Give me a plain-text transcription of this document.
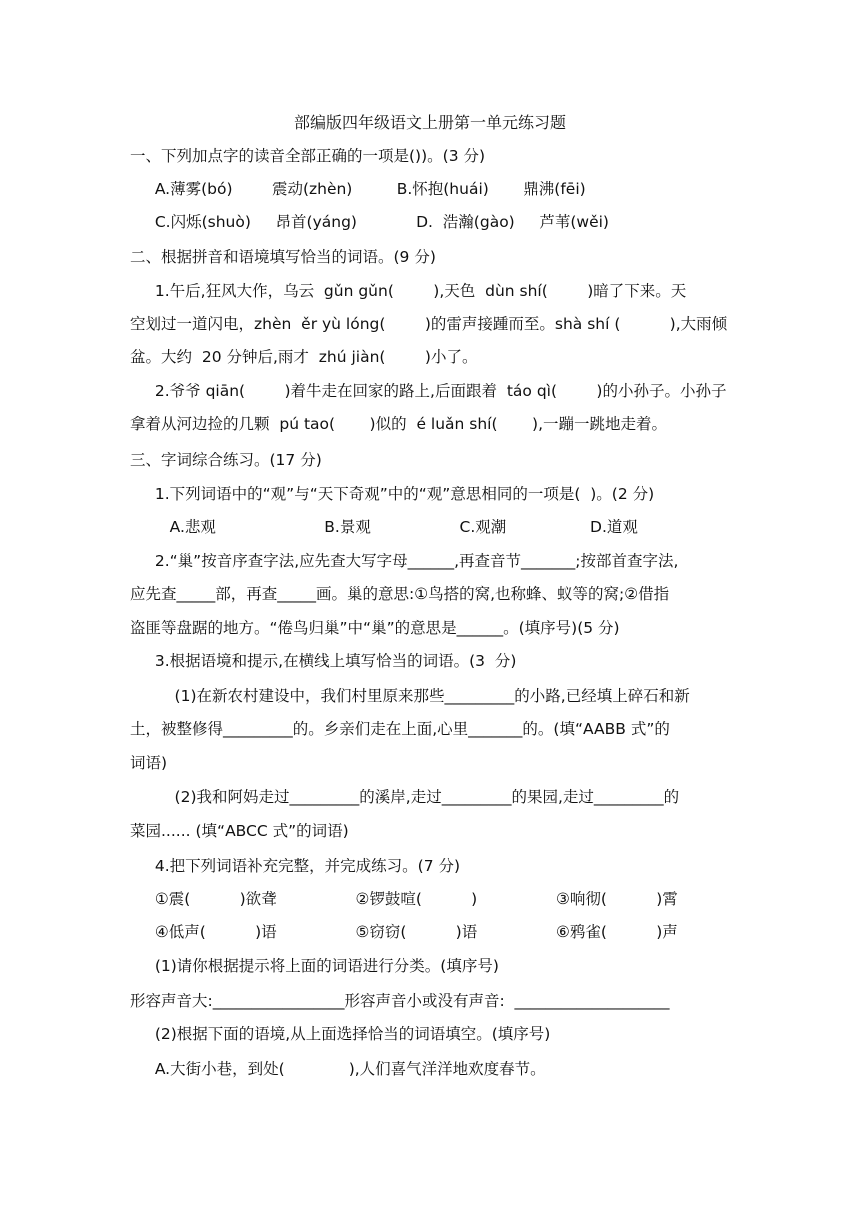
部编版四年级语文上册第一单元练习题
一、下列加点字的读音全部正确的一项是())。(3 分)
A.薄雾(bó)        震动(zhèn)         B.怀抱(huái)       鼎沸(fēi)
C.闪烁(shuò)     昂首(yáng)            D.  浩瀚(gào)     芦苇(wěi)
二、根据拼音和语境填写恰当的词语。(9 分)
1.午后,狂风大作，乌云  gǔn gǔn(        ),天色  dùn shí(        )暗了下来。天
空划过一道闪电，zhèn  ěr yù lóng(        )的雷声接踵而至。shà shí (          ),大雨倾
盆。大约  20 分钟后,雨才  zhú jiàn(        )小了。
2.爷爷 qiān(        )着牛走在回家的路上,后面跟着  táo qì(        )的小孙子。小孙子
拿着从河边捡的几颗  pú tao(       )似的  é luǎn shí(       ),一蹦一跳地走着。
三、字词综合练习。(17 分)
1.下列词语中的“观”与“天下奇观”中的“观”意思相同的一项是(  )。(2 分)
A.悲观                      B.景观                  C.观潮                 D.道观
2.“巢”按音序查字法,应先查大写字母______,再查音节_______;按部首查字法,
应先查_____部，再查_____画。巢的意思:①鸟搭的窝,也称蜂、蚁等的窝;②借指
盗匪等盘踞的地方。“倦鸟归巢”中“巢”的意思是______。(填序号)(5 分)
3.根据语境和提示,在横线上填写恰当的词语。(3  分)
(1)在新农村建设中，我们村里原来那些_________的小路,已经填上碎石和新
土，被整修得_________的。乡亲们走在上面,心里_______的。(填“AABB 式”的
词语)
(2)我和阿妈走过_________的溪岸,走过_________的果园,走过_________的
菜园...... (填“ABCC 式”的词语)
4.把下列词语补充完整，并完成练习。(7 分)
①震(          )欲聋                ②锣鼓喧(          )                ③响彻(          )霄
④低声(          )语                ⑤窃窃(          )语                ⑥鸦雀(          )声
(1)请你根据提示将上面的词语进行分类。(填序号)
形容声音大:_________________形容声音小或没有声音:  ____________________
(2)根据下面的语境,从上面选择恰当的词语填空。(填序号)
A.大街小巷，到处(             ),人们喜气洋洋地欢度春节。
